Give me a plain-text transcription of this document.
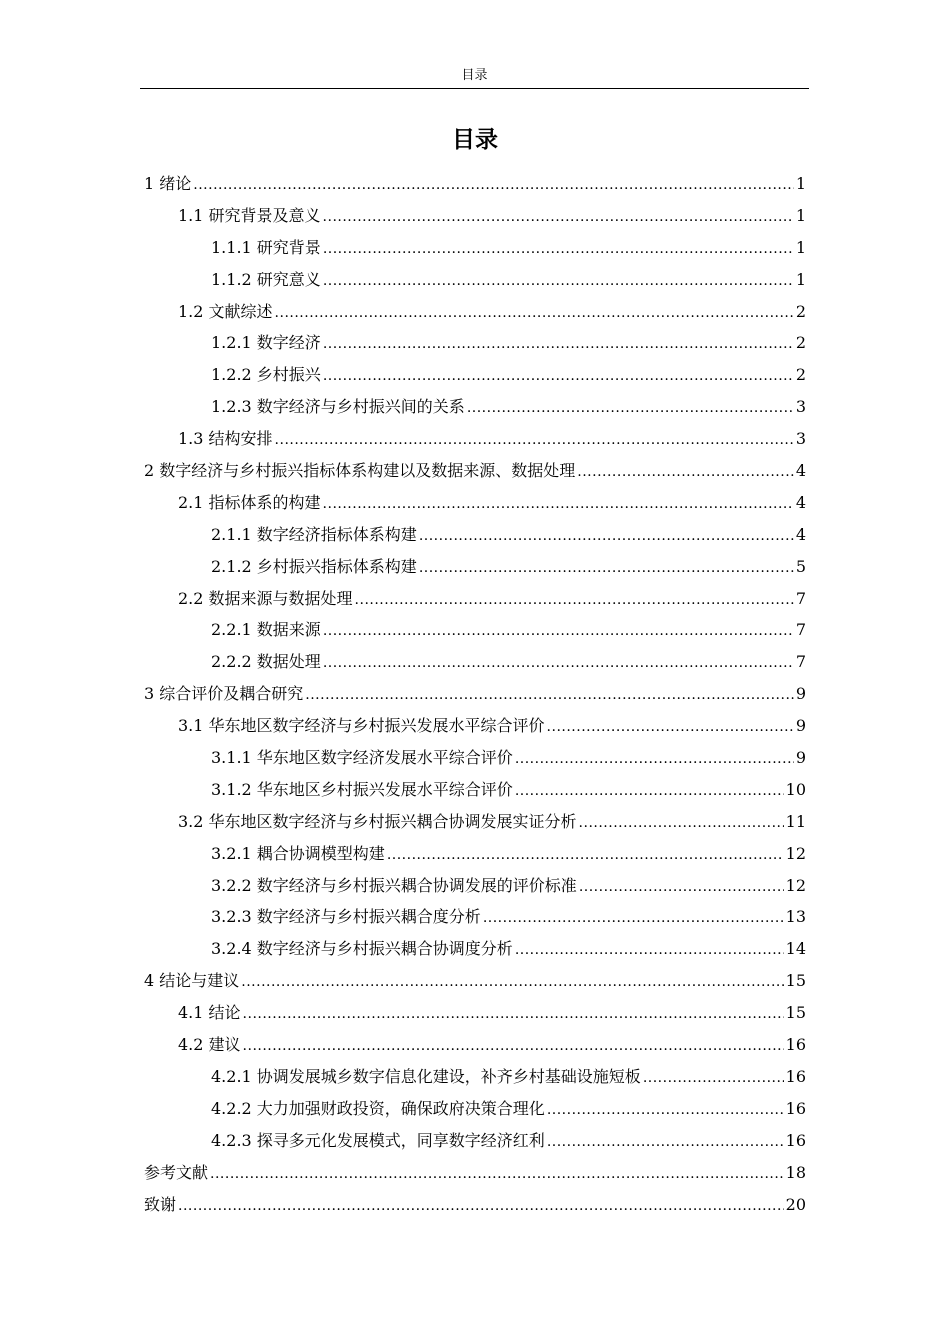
目录
目录
1 绪论 .....	1
1.1 研究背景及意义 .....	1
1.1.1 研究背景 .....	1
1.1.2 研究意义 .....	1
1.2 文献综述 .....	2
1.2.1 数字经济 .....	2
1.2.2 乡村振兴 .....	2
1.2.3 数字经济与乡村振兴间的关系 .....	3
1.3 结构安排 .....	3
2 数字经济与乡村振兴指标体系构建以及数据来源、数据处理 .....	4
2.1 指标体系的构建 .....	4
2.1.1 数字经济指标体系构建 .....	4
2.1.2 乡村振兴指标体系构建 .....	5
2.2 数据来源与数据处理 .....	7
2.2.1 数据来源 .....	7
2.2.2 数据处理 .....	7
3 综合评价及耦合研究 .....	9
3.1 华东地区数字经济与乡村振兴发展水平综合评价 .....	9
3.1.1 华东地区数字经济发展水平综合评价 .....	9
3.1.2 华东地区乡村振兴发展水平综合评价 .....	10
3.2 华东地区数字经济与乡村振兴耦合协调发展实证分析 .....	11
3.2.1 耦合协调模型构建 .....	12
3.2.2 数字经济与乡村振兴耦合协调发展的评价标准 .....	12
3.2.3 数字经济与乡村振兴耦合度分析 .....	13
3.2.4 数字经济与乡村振兴耦合协调度分析 .....	14
4 结论与建议 .....	15
4.1 结论 .....	15
4.2 建议 .....	16
4.2.1 协调发展城乡数字信息化建设，补齐乡村基础设施短板 .....	16
4.2.2 大力加强财政投资，确保政府决策合理化 .....	16
4.2.3 探寻多元化发展模式，同享数字经济红利 .....	16
参考文献 .....	18
致谢 .....	20
